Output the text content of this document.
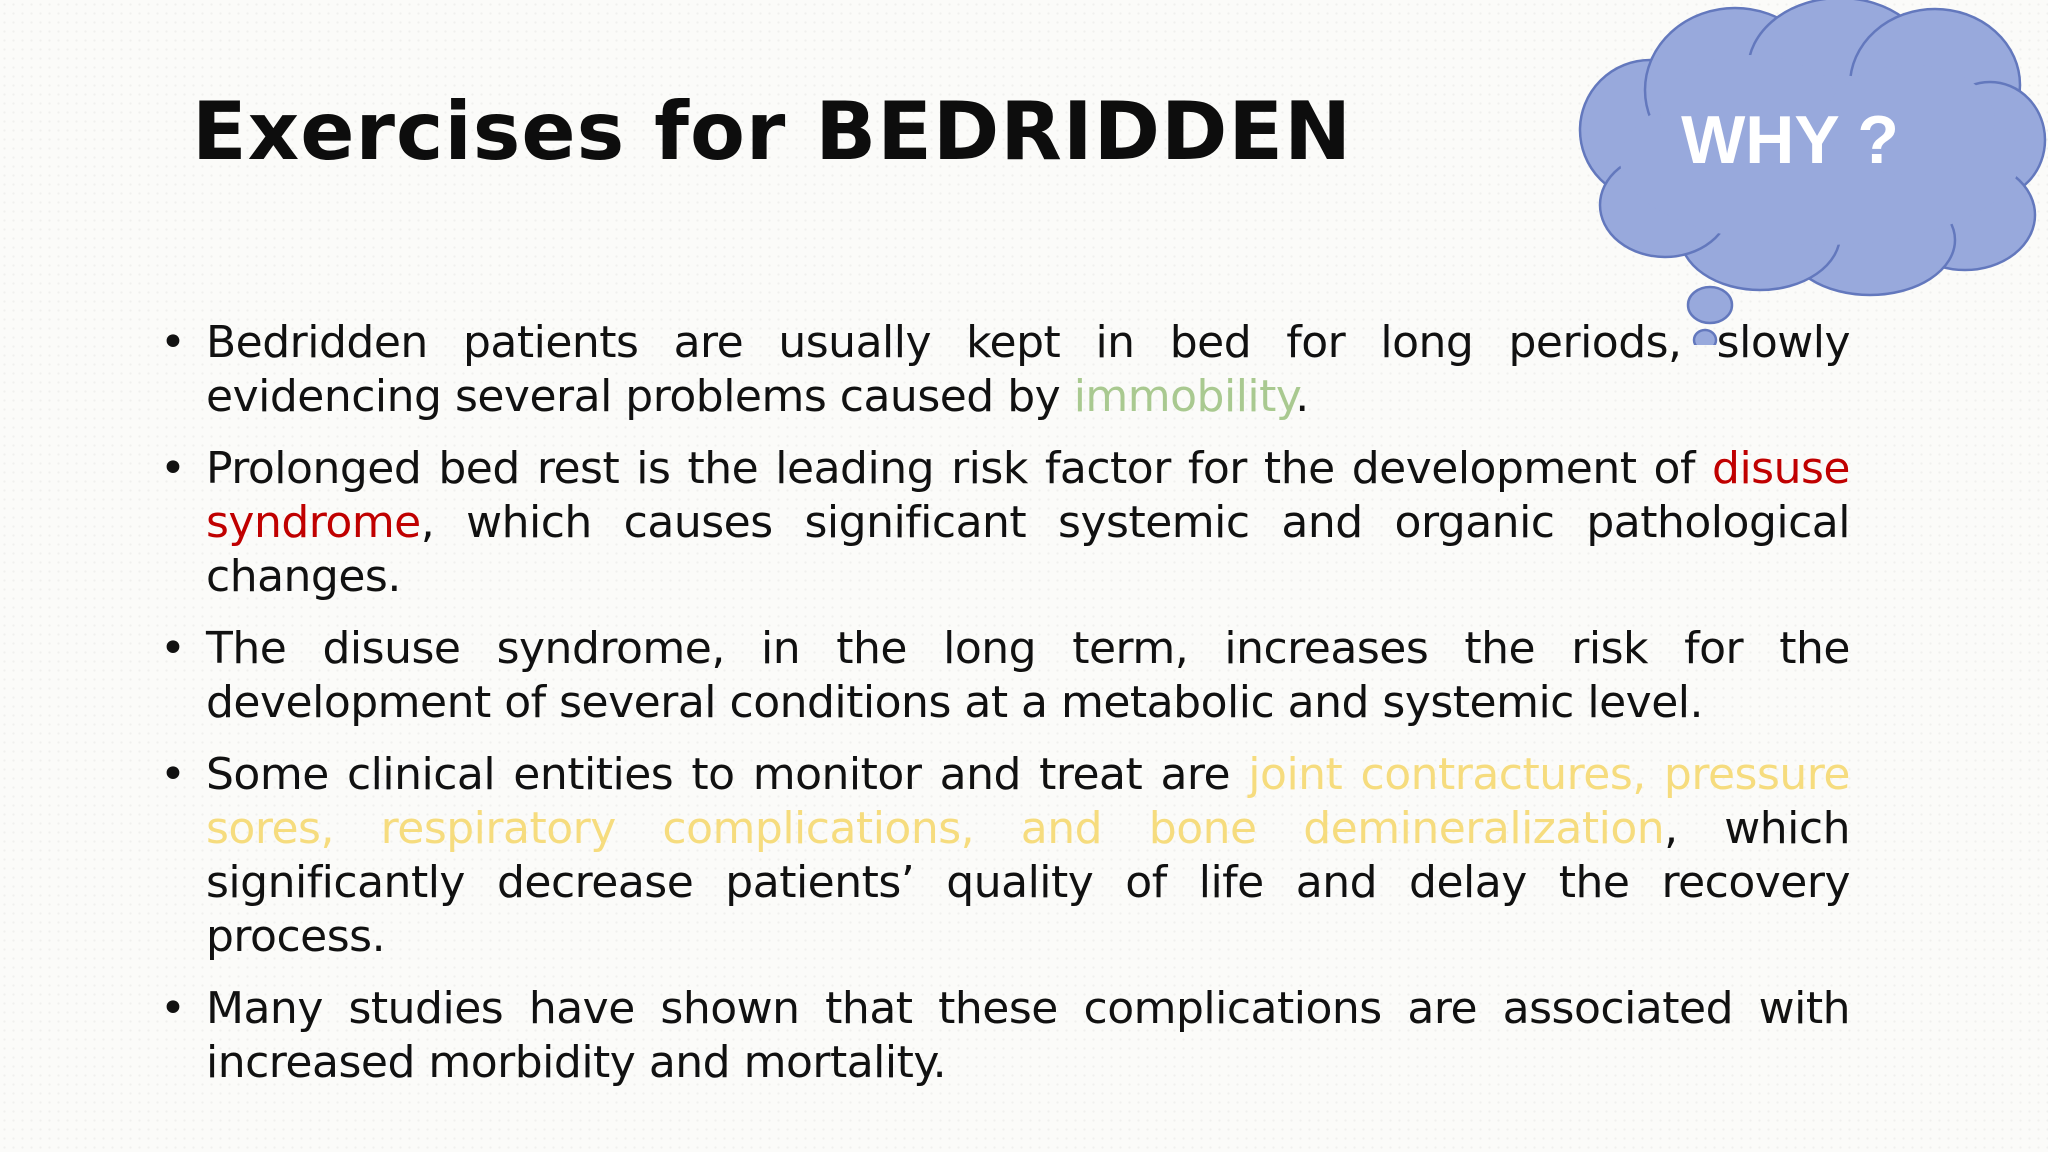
Exercises for BEDRIDDEN	WHY ?
• Bedridden patients are usually kept in bed for long periods, slowly evidencing several problems caused by immobility.
• Prolonged bed rest is the leading risk factor for the development of disuse syndrome, which causes significant systemic and organic pathological changes.
• The disuse syndrome, in the long term, increases the risk for the development of several conditions at a metabolic and systemic level.
• Some clinical entities to monitor and treat are joint contractures, pressure sores, respiratory complications, and bone demineralization, which significantly decrease patients’ quality of life and delay the recovery process.
• Many studies have shown that these complications are associated with increased morbidity and mortality.
